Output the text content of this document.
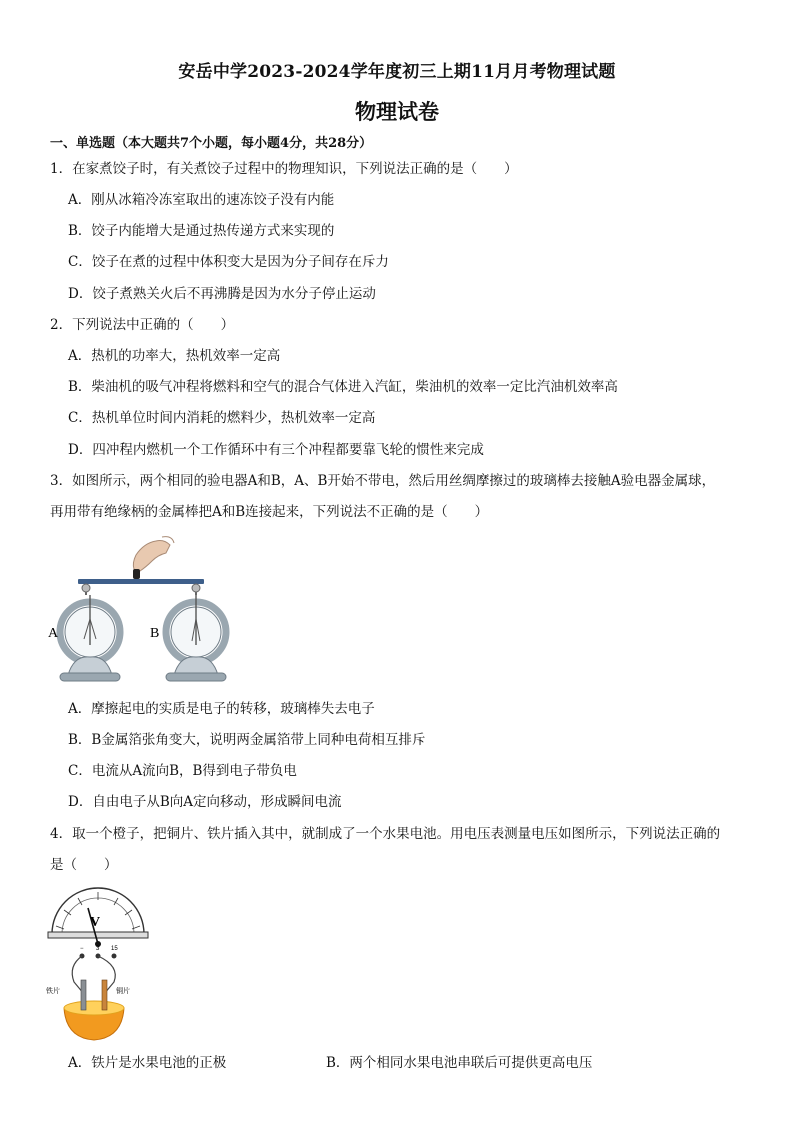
安岳中学2023-2024学年度初三上期11月月考物理试题
物理试卷
一、单选题（本大题共7个小题，每小题4分，共28分）
1．在家煮饺子时，有关煮饺子过程中的物理知识，下列说法正确的是（　　）
A．刚从冰箱冷冻室取出的速冻饺子没有内能
B．饺子内能增大是通过热传递方式来实现的
C．饺子在煮的过程中体积变大是因为分子间存在斥力
D．饺子煮熟关火后不再沸腾是因为水分子停止运动
2．下列说法中正确的（　　）
A．热机的功率大，热机效率一定高
B．柴油机的吸气冲程将燃料和空气的混合气体进入汽缸，柴油机的效率一定比汽油机效率高
C．热机单位时间内消耗的燃料少，热机效率一定高
D．四冲程内燃机一个工作循环中有三个冲程都要靠飞轮的惯性来完成
3．如图所示，两个相同的验电器A和B，A、B开始不带电，然后用丝绸摩擦过的玻璃棒去接触A验电器金属球，
再用带有绝缘柄的金属棒把A和B连接起来，下列说法不正确的是（　　）
A	B
A．摩擦起电的实质是电子的转移，玻璃棒失去电子
B．B金属箔张角变大，说明两金属箔带上同种电荷相互排斥
C．电流从A流向B，B得到电子带负电
D．自由电子从B向A定向移动，形成瞬间电流
4．取一个橙子，把铜片、铁片插入其中，就制成了一个水果电池。用电压表测量电压如图所示，下列说法正确的
是（　　）
V
− 3 15
铁片	铜片
A．铁片是水果电池的正极	B．两个相同水果电池串联后可提供更高电压
